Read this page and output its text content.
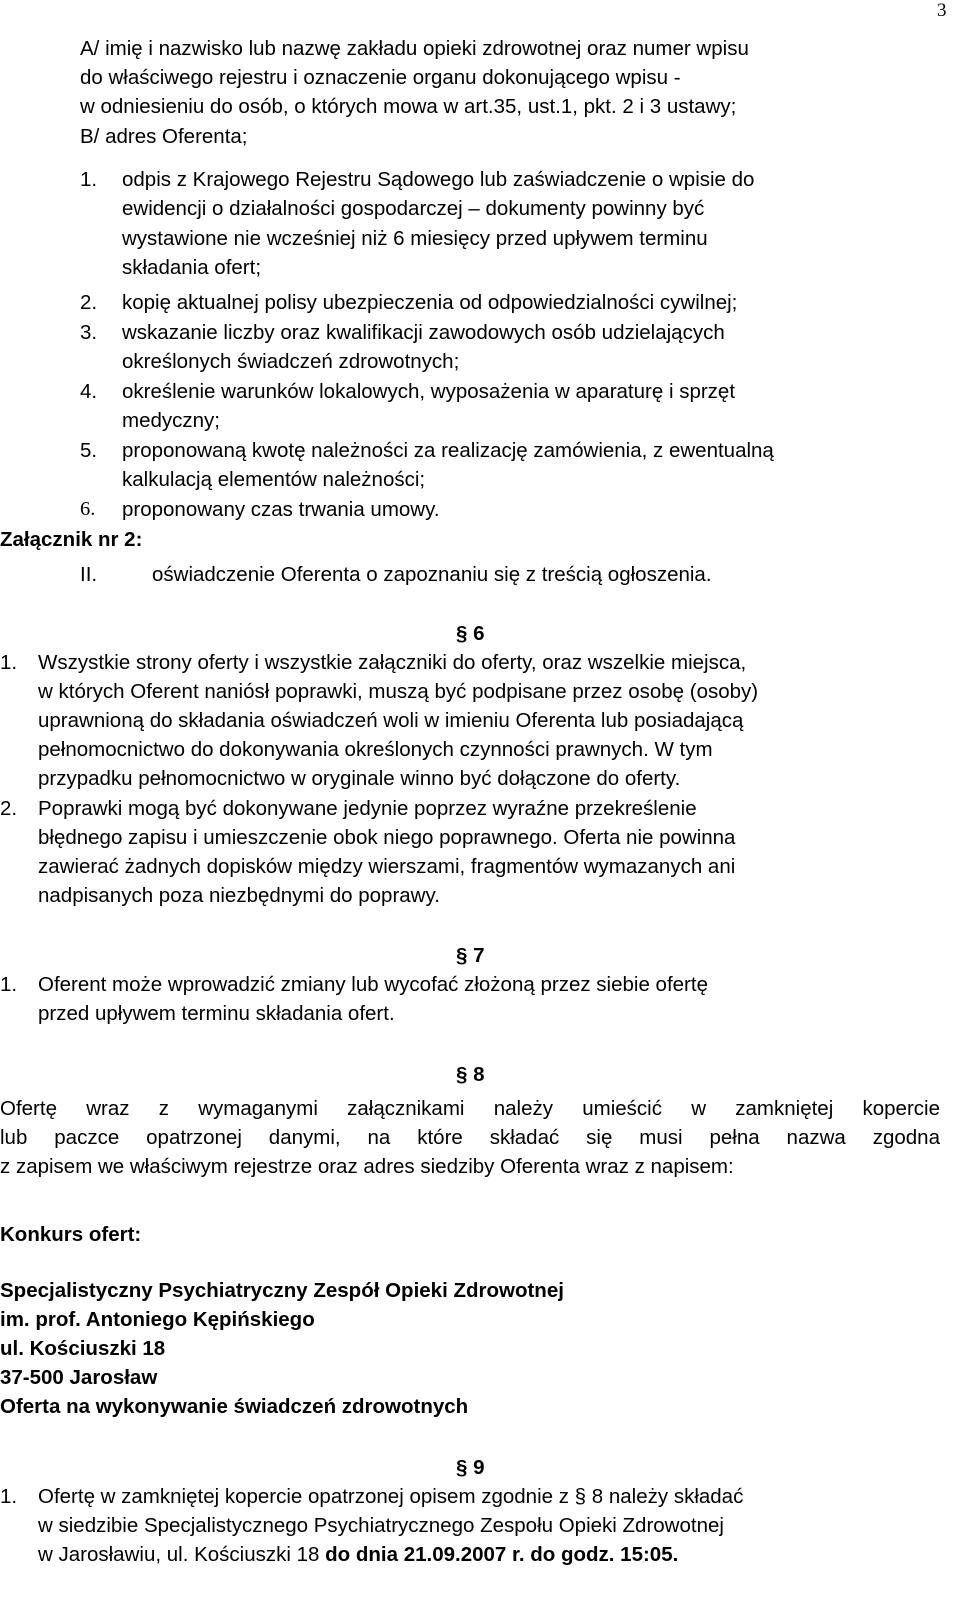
3
A/ imię i nazwisko lub nazwę zakładu opieki zdrowotnej oraz numer wpisu
do właściwego rejestru i oznaczenie organu dokonującego wpisu -
w odniesieniu do osób, o których mowa w art.35, ust.1, pkt. 2 i 3 ustawy;
B/ adres Oferenta;
1. odpis z Krajowego Rejestru Sądowego lub zaświadczenie o wpisie do
ewidencji o działalności gospodarczej – dokumenty powinny być
wystawione nie wcześniej niż 6 miesięcy przed upływem terminu
składania ofert;
2. kopię aktualnej polisy ubezpieczenia od odpowiedzialności cywilnej;
3. wskazanie liczby oraz kwalifikacji zawodowych osób udzielających
określonych świadczeń zdrowotnych;
4. określenie warunków lokalowych, wyposażenia w aparaturę i sprzęt
medyczny;
5. proponowaną kwotę należności za realizację zamówienia, z ewentualną
kalkulacją elementów należności;
6. proponowany czas trwania umowy.
Załącznik nr 2:
II.	oświadczenie Oferenta o zapoznaniu się z treścią ogłoszenia.
§ 6
1. Wszystkie strony oferty i wszystkie załączniki do oferty, oraz wszelkie miejsca,
w których Oferent naniósł poprawki, muszą być podpisane przez osobę (osoby)
uprawnioną do składania oświadczeń woli w imieniu Oferenta lub posiadającą
pełnomocnictwo do dokonywania określonych czynności prawnych. W tym
przypadku pełnomocnictwo w oryginale winno być dołączone do oferty.
2. Poprawki mogą być dokonywane jedynie poprzez wyraźne przekreślenie
błędnego zapisu i umieszczenie obok niego poprawnego. Oferta nie powinna
zawierać żadnych dopisków między wierszami, fragmentów wymazanych ani
nadpisanych poza niezbędnymi do poprawy.
§ 7
1. Oferent może wprowadzić zmiany lub wycofać złożoną przez siebie ofertę
przed upływem terminu składania ofert.
§ 8
Ofertę wraz z wymaganymi załącznikami należy umieścić w zamkniętej kopercie
lub paczce opatrzonej danymi, na które składać się musi pełna nazwa zgodna
z zapisem we właściwym rejestrze oraz adres siedziby Oferenta wraz z napisem:
Konkurs ofert:
Specjalistyczny Psychiatryczny Zespół Opieki Zdrowotnej
im. prof. Antoniego Kępińskiego
ul. Kościuszki 18
37-500 Jarosław
Oferta na wykonywanie świadczeń zdrowotnych
§ 9
1. Ofertę w zamkniętej kopercie opatrzonej opisem zgodnie z § 8 należy składać
w siedzibie Specjalistycznego Psychiatrycznego Zespołu Opieki Zdrowotnej
w Jarosławiu, ul. Kościuszki 18 do dnia 21.09.2007 r. do godz. 15:05.
